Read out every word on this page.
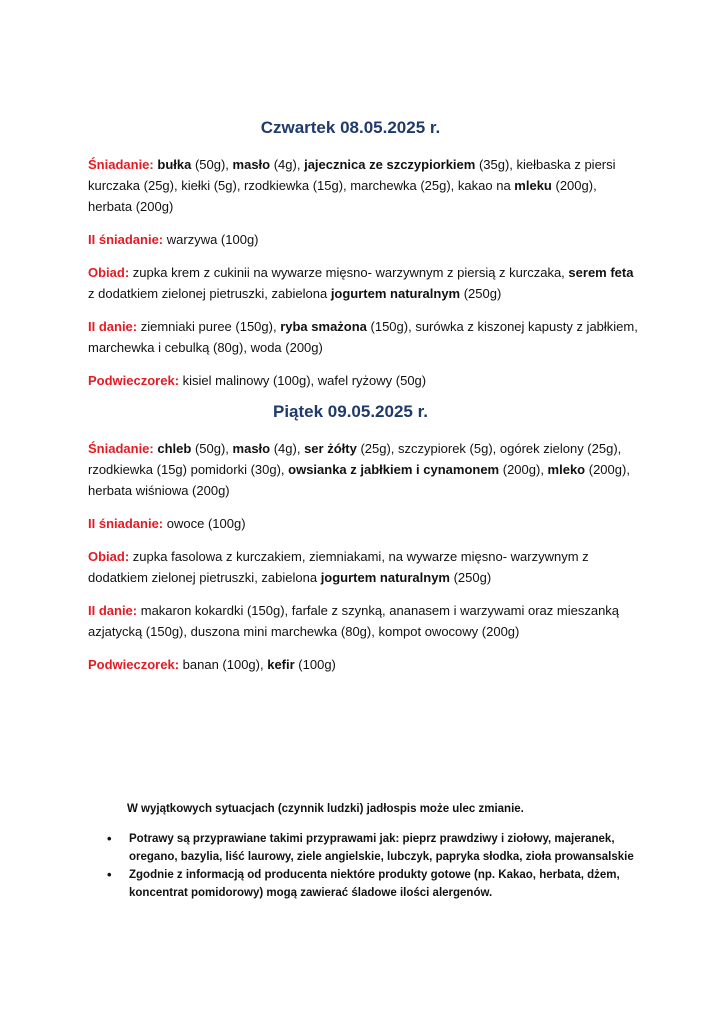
Czwartek 08.05.2025 r.

Śniadanie: bułka (50g), masło (4g), jajecznica ze szczypiorkiem (35g), kiełbaska z piersi kurczaka (25g), kiełki (5g), rzodkiewka (15g), marchewka (25g), kakao na mleku (200g), herbata (200g)

II śniadanie: warzywa (100g)

Obiad: zupka krem z cukinii na wywarze mięsno- warzywnym z piersią z kurczaka, serem feta z dodatkiem zielonej pietruszki, zabielona jogurtem naturalnym (250g)

II danie: ziemniaki puree (150g), ryba smażona (150g), surówka z kiszonej kapusty z jabłkiem, marchewka i cebulką (80g), woda (200g)

Podwieczorek: kisiel malinowy (100g), wafel ryżowy (50g)

Piątek 09.05.2025 r.

Śniadanie: chleb (50g), masło (4g), ser żółty (25g), szczypiorek (5g), ogórek zielony (25g), rzodkiewka (15g) pomidorki (30g), owsianka z jabłkiem i cynamonem (200g), mleko (200g), herbata wiśniowa (200g)

II śniadanie: owoce (100g)

Obiad: zupka fasolowa z kurczakiem, ziemniakami, na wywarze mięsno- warzywnym z dodatkiem zielonej pietruszki, zabielona jogurtem naturalnym (250g)

II danie: makaron kokardki (150g), farfale z szynką, ananasem i warzywami oraz mieszanką azjatycką (150g), duszona mini marchewka (80g), kompot owocowy (200g)

Podwieczorek: banan (100g), kefir (100g)

W wyjątkowych sytuacjach (czynnik ludzki) jadłospis może ulec zmianie.

• Potrawy są przyprawiane takimi przyprawami jak: pieprz prawdziwy i ziołowy, majeranek, oregano, bazylia, liść laurowy, ziele angielskie, lubczyk, papryka słodka, zioła prowansalskie
• Zgodnie z informacją od producenta niektóre produkty gotowe (np. Kakao, herbata, dżem, koncentrat pomidorowy) mogą zawierać śladowe ilości alergenów.
